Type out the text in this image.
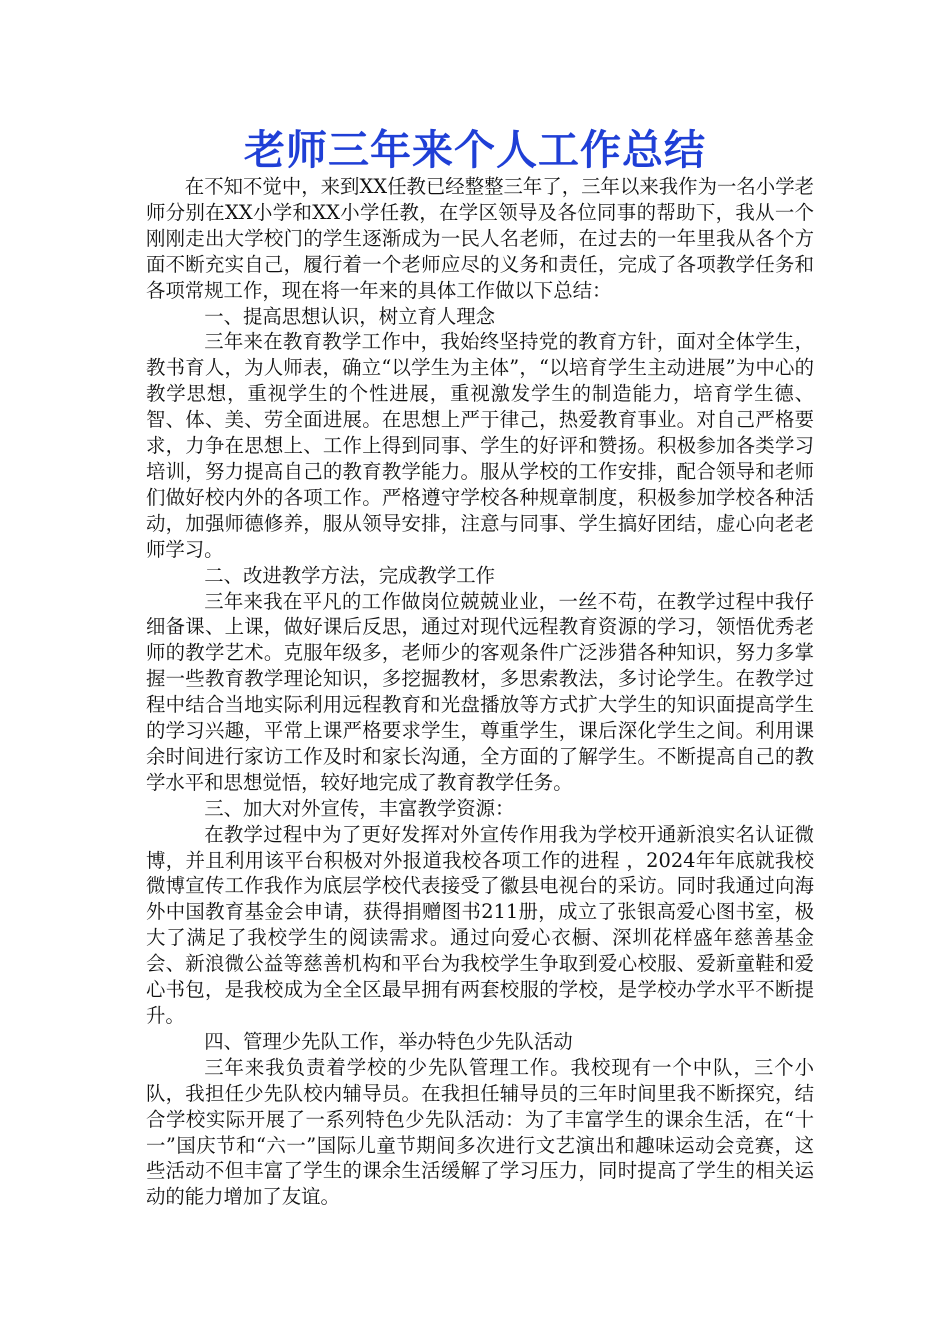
老师三年来个人工作总结

在不知不觉中，来到XX任教已经整整三年了，三年以来我作为一名小学老师分别在XX小学和XX小学任教，在学区领导及各位同事的帮助下，我从一个刚刚走出大学校门的学生逐渐成为一民人名老师，在过去的一年里我从各个方面不断充实自己，履行着一个老师应尽的义务和责任，完成了各项教学任务和各项常规工作，现在将一年来的具体工作做以下总结：

一、提高思想认识，树立育人理念

三年来在教育教学工作中，我始终坚持党的教育方针，面对全体学生，教书育人，为人师表，确立“以学生为主体”，“以培育学生主动进展”为中心的教学思想，重视学生的个性进展，重视激发学生的制造能力，培育学生德、智、体、美、劳全面进展。在思想上严于律己，热爱教育事业。对自己严格要求，力争在思想上、工作上得到同事、学生的好评和赞扬。积极参加各类学习培训，努力提高自己的教育教学能力。服从学校的工作安排，配合领导和老师们做好校内外的各项工作。严格遵守学校各种规章制度，积极参加学校各种活动，加强师德修养，服从领导安排，注意与同事、学生搞好团结，虚心向老老师学习。

二、改进教学方法，完成教学工作

三年来我在平凡的工作做岗位兢兢业业，一丝不苟，在教学过程中我仔细备课、上课，做好课后反思，通过对现代远程教育资源的学习，领悟优秀老师的教学艺术。克服年级多，老师少的客观条件广泛涉猎各种知识，努力多掌握一些教育教学理论知识，多挖掘教材，多思索教法，多讨论学生。在教学过程中结合当地实际利用远程教育和光盘播放等方式扩大学生的知识面提高学生的学习兴趣，平常上课严格要求学生，尊重学生，课后深化学生之间。利用课余时间进行家访工作及时和家长沟通，全方面的了解学生。不断提高自己的教学水平和思想觉悟，较好地完成了教育教学任务。

三、加大对外宣传，丰富教学资源：

在教学过程中为了更好发挥对外宣传作用我为学校开通新浪实名认证微博，并且利用该平台积极对外报道我校各项工作的进程 ，2024年年底就我校微博宣传工作我作为底层学校代表接受了徽县电视台的采访。同时我通过向海外中国教育基金会申请，获得捐赠图书211册，成立了张银高爱心图书室，极大了满足了我校学生的阅读需求。通过向爱心衣橱、深圳花样盛年慈善基金会、新浪微公益等慈善机构和平台为我校学生争取到爱心校服、爱新童鞋和爱心书包，是我校成为全全区最早拥有两套校服的学校，是学校办学水平不断提升。

四、管理少先队工作，举办特色少先队活动

三年来我负责着学校的少先队管理工作。我校现有一个中队，三个小队，我担任少先队校内辅导员。在我担任辅导员的三年时间里我不断探究，结合学校实际开展了一系列特色少先队活动：为了丰富学生的课余生活，在“十一”国庆节和“六一”国际儿童节期间多次进行文艺演出和趣味运动会竞赛，这些活动不但丰富了学生的课余生活缓解了学习压力，同时提高了学生的相关运动的能力增加了友谊。
